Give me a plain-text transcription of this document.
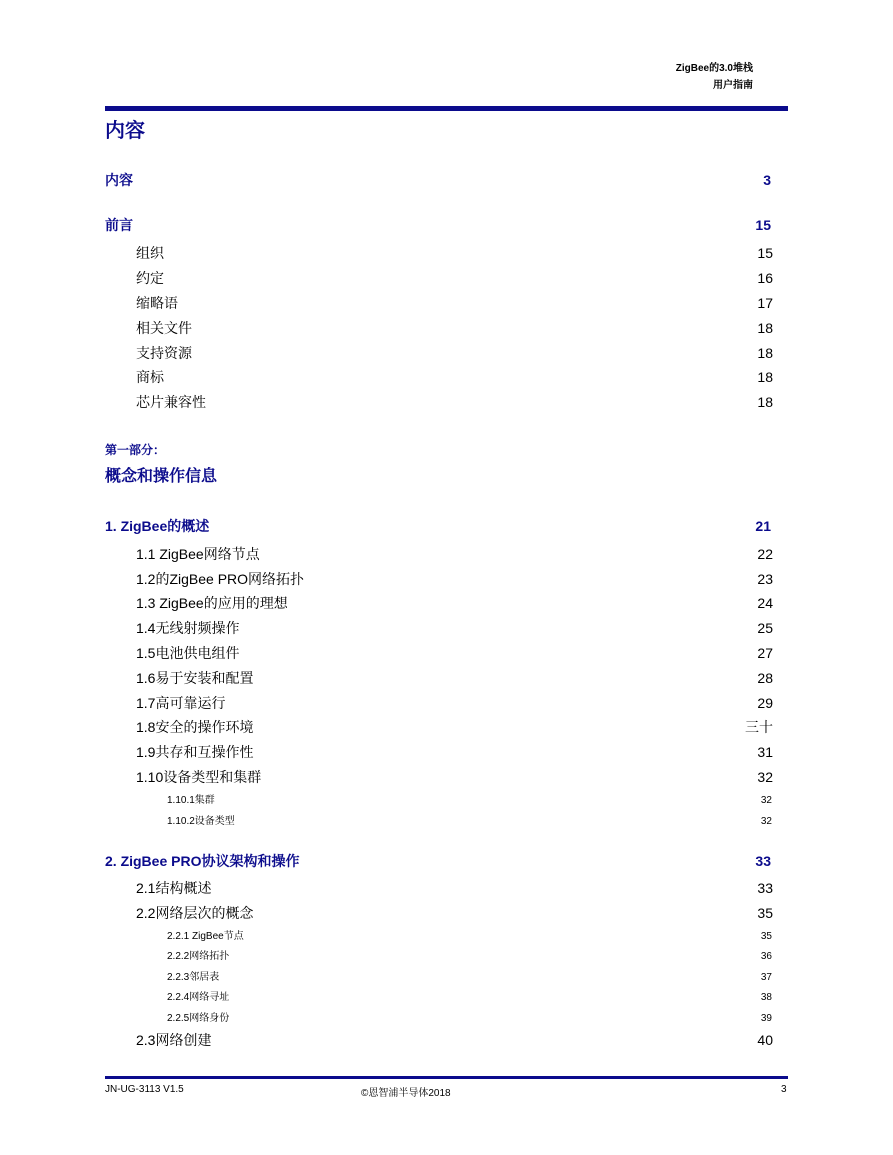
ZigBee的3.0堆栈
用户指南
内容
第一部分：
概念和操作信息
内容	3
前言	15
组织	15
约定	16
缩略语	17
相关文件	18
支持资源	18
商标	18
芯片兼容性	18
1. ZigBee的概述	21
1.1 ZigBee网络节点	22
1.2的ZigBee PRO网络拓扑	23
1.3 ZigBee的应用的理想	24
1.4无线射频操作	25
1.5电池供电组件	27
1.6易于安装和配置	28
1.7高可靠运行	29
1.8安全的操作环境	三十
1.9共存和互操作性	31
1.10设备类型和集群	32
1.10.1集群	32
1.10.2设备类型	32
2. ZigBee PRO协议架构和操作	33
2.1结构概述	33
2.2网络层次的概念	35
2.2.1 ZigBee节点	35
2.2.2网络拓扑	36
2.2.3邻居表	37
2.2.4网络寻址	38
2.2.5网络身份	39
2.3网络创建	40
JN-UG-3113 V1.5	©恩智浦半导体2018	3
